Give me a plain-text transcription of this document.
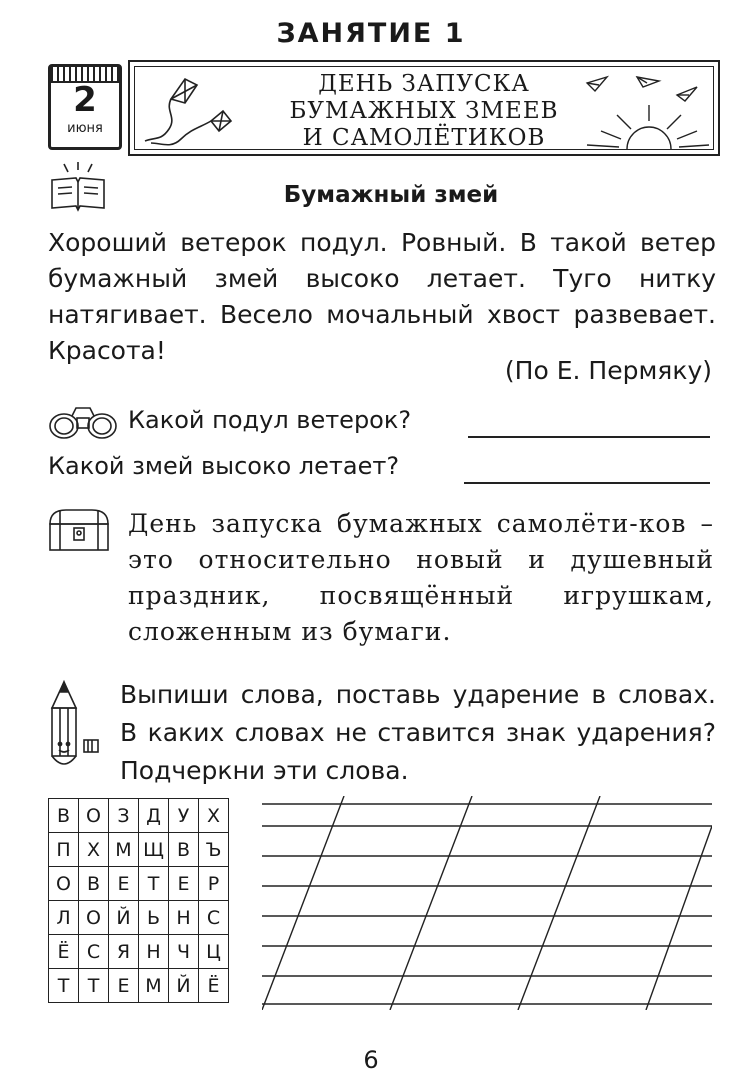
ЗАНЯТИЕ 1
2
июня
ДЕНЬ ЗАПУСКА
БУМАЖНЫХ ЗМЕЕВ
И САМОЛЁТИКОВ
Бумажный змей

Хороший ветерок подул. Ровный. В такой ветер бумажный змей высоко летает. Туго нитку натягивает. Весело мочальный хвост развевает. Красота!

(По Е. Пермяку)
Какой подул ветерок?
Какой змей высоко летает?
День запуска бумажных самолёти-ков – это относительно новый и душевный праздник, посвящённый игрушкам, сложенным из бумаги.
Выпиши слова, поставь ударение в словах. В каких словах не ставится знак ударения? Подчеркни эти слова.
В	О	З	Д	У	Х
П	Х	М	Щ	В	Ъ
О	В	Е	Т	Е	Р
Л	О	Й	Ь	Н	С
Ё	С	Я	Н	Ч	Ц
Т	Т	Е	М	Й	Ё
6
